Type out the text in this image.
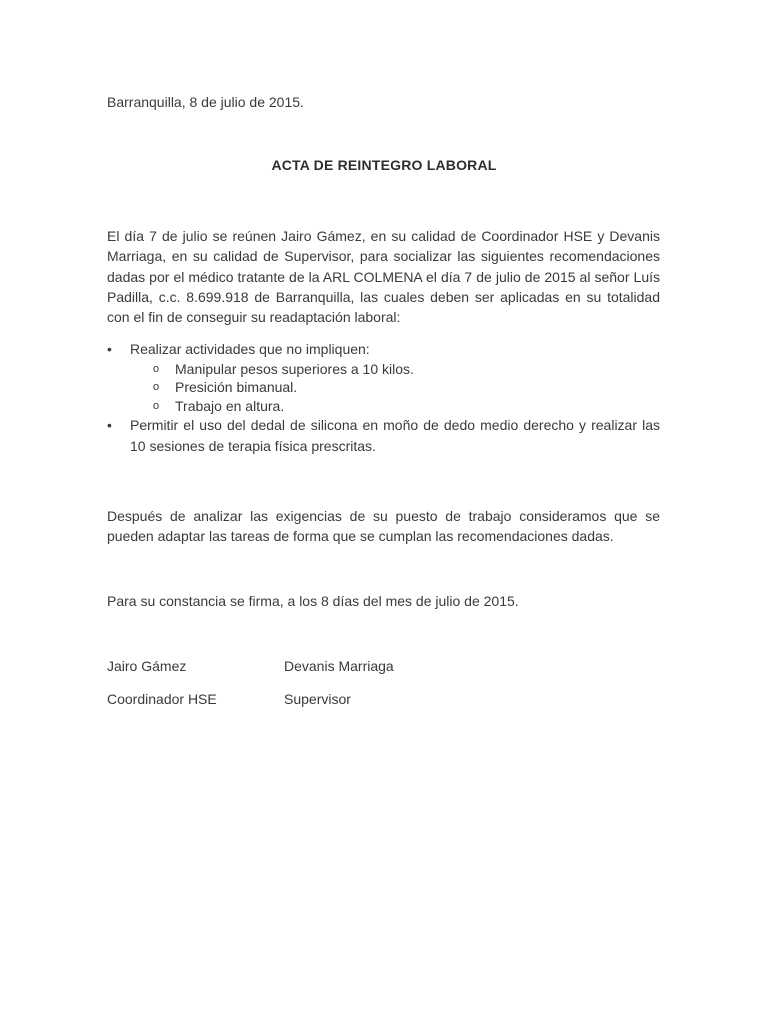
Barranquilla, 8 de julio de 2015.
ACTA DE REINTEGRO LABORAL

El día 7 de julio se reúnen Jairo Gámez, en su calidad de Coordinador HSE y Devanis Marriaga, en su calidad de Supervisor, para socializar las siguientes recomendaciones dadas por el médico tratante de la ARL COLMENA el día 7 de julio de 2015 al señor Luís Padilla, c.c. 8.699.918 de Barranquilla, las cuales deben ser aplicadas en su totalidad con el fin de conseguir su readaptación laboral:

•	Realizar actividades que no impliquen:
o Manipular pesos superiores a 10 kilos.
o Presición bimanual.
o Trabajo en altura.
•	Permitir el uso del dedal de silicona en moño de dedo medio derecho y realizar las 10 sesiones de terapia física prescritas.

Después de analizar las exigencias de su puesto de trabajo consideramos que se pueden adaptar las tareas de forma que se cumplan las recomendaciones dadas.

Para su constancia se firma, a los 8 días del mes de julio de 2015.

Jairo Gámez	Devanis Marriaga
Coordinador HSE	Supervisor
